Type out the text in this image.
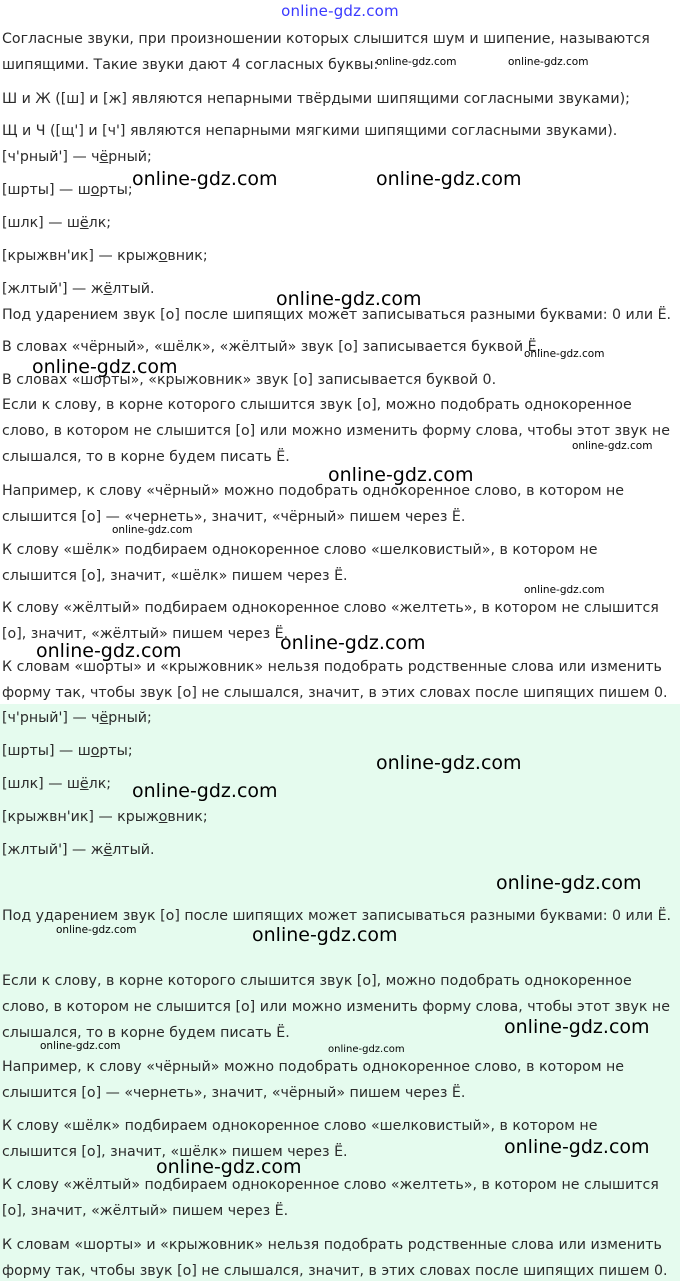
online-gdz.com
Согласные звуки, при произношении которых слышится шум и шипение, называются
шипящими. Такие звуки дают 4 согласных буквы:
Ш и Ж ([ш] и [ж] являются непарными твёрдыми шипящими согласными звуками);
Щ и Ч ([щ'] и [ч'] являются непарными мягкими шипящими согласными звуками).
[ч'рный'] — чёрный;
[шрты] — шорты;
[шлк] — шёлк;
[крыжвн'ик] — крыжовник;
[жлтый'] — жёлтый.
Под ударением звук [о] после шипящих может записываться разными буквами: 0 или Ё.
В словах «чёрный», «шёлк», «жёлтый» звук [о] записывается буквой Ё.
В словах «шорты», «крыжовник» звук [о] записывается буквой 0.
Если к слову, в корне которого слышится звук [о], можно подобрать однокоренное
слово, в котором не слышится [о] или можно изменить форму слова, чтобы этот звук не
слышался, то в корне будем писать Ё.
Например, к слову «чёрный» можно подобрать однокоренное слово, в котором не
слышится [о] — «чернеть», значит, «чёрный» пишем через Ё.
К слову «шёлк» подбираем однокоренное слово «шелковистый», в котором не
слышится [о], значит, «шёлк» пишем через Ё.
К слову «жёлтый» подбираем однокоренное слово «желтеть», в котором не слышится
[о], значит, «жёлтый» пишем через Ё.
К словам «шорты» и «крыжовник» нельзя подобрать родственные слова или изменить
форму так, чтобы звук [о] не слышался, значит, в этих словах после шипящих пишем 0.
[ч'рный'] — чёрный;
[шрты] — шорты;
[шлк] — шёлк;
[крыжвн'ик] — крыжовник;
[жлтый'] — жёлтый.
Под ударением звук [о] после шипящих может записываться разными буквами: 0 или Ё.
Если к слову, в корне которого слышится звук [о], можно подобрать однокоренное
слово, в котором не слышится [о] или можно изменить форму слова, чтобы этот звук не
слышался, то в корне будем писать Ё.
Например, к слову «чёрный» можно подобрать однокоренное слово, в котором не
слышится [о] — «чернеть», значит, «чёрный» пишем через Ё.
К слову «шёлк» подбираем однокоренное слово «шелковистый», в котором не
слышится [о], значит, «шёлк» пишем через Ё.
К слову «жёлтый» подбираем однокоренное слово «желтеть», в котором не слышится
[о], значит, «жёлтый» пишем через Ё.
К словам «шорты» и «крыжовник» нельзя подобрать родственные слова или изменить
форму так, чтобы звук [о] не слышался, значит, в этих словах после шипящих пишем 0.
online-gdz.com	online-gdz.com
online-gdz.com	online-gdz.com
online-gdz.com
online-gdz.com
online-gdz.com
online-gdz.com
online-gdz.com
online-gdz.com
online-gdz.com
online-gdz.com
online-gdz.com
online-gdz.com
online-gdz.com
online-gdz.com
online-gdz.com	online-gdz.com
online-gdz.com
online-gdz.com	online-gdz.com
online-gdz.com
online-gdz.com
